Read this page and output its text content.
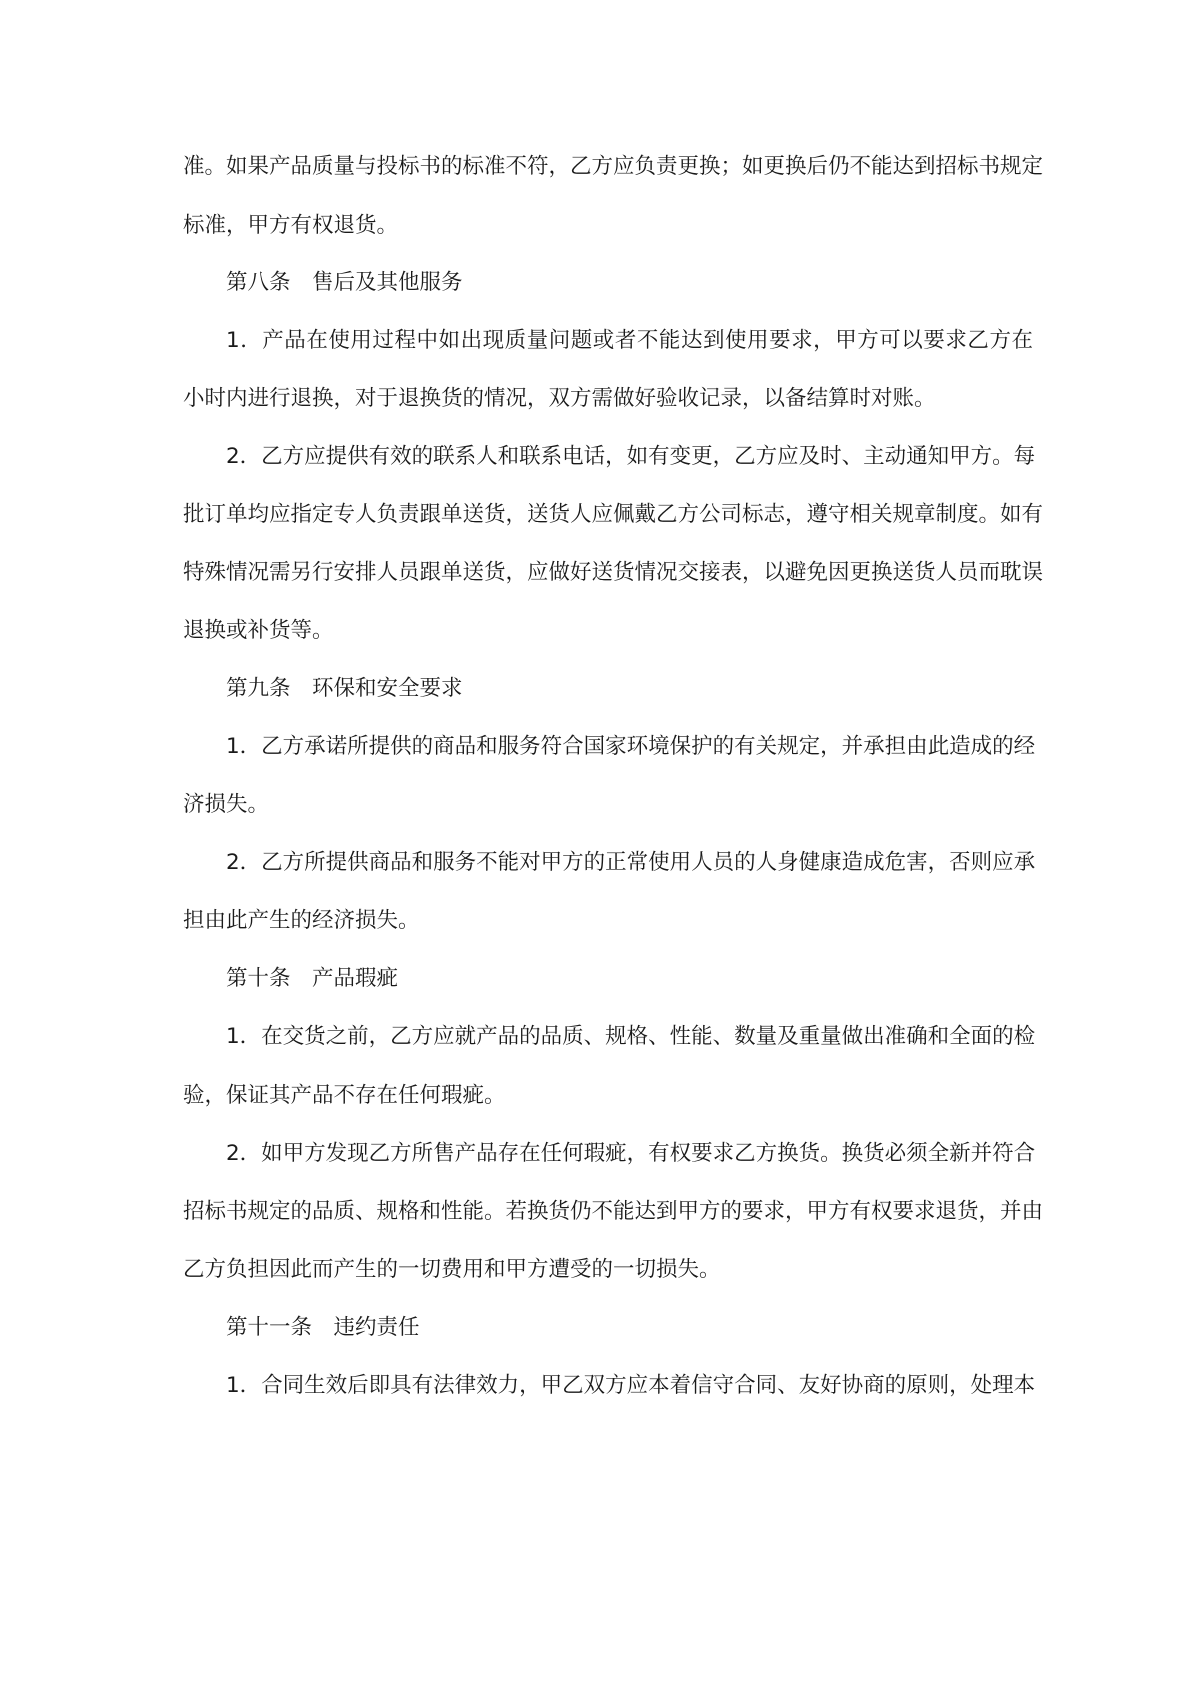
准。如果产品质量与投标书的标准不符，乙方应负责更换；如更换后仍不能达到招标书规定
标准，甲方有权退货。
第八条　售后及其他服务
1．产品在使用过程中如出现质量问题或者不能达到使用要求，甲方可以要求乙方在
小时内进行退换，对于退换货的情况，双方需做好验收记录，以备结算时对账。
2．乙方应提供有效的联系人和联系电话，如有变更，乙方应及时、主动通知甲方。每
批订单均应指定专人负责跟单送货，送货人应佩戴乙方公司标志，遵守相关规章制度。如有
特殊情况需另行安排人员跟单送货，应做好送货情况交接表，以避免因更换送货人员而耽误
退换或补货等。
第九条　环保和安全要求
1．乙方承诺所提供的商品和服务符合国家环境保护的有关规定，并承担由此造成的经
济损失。
2．乙方所提供商品和服务不能对甲方的正常使用人员的人身健康造成危害，否则应承
担由此产生的经济损失。
第十条　产品瑕疵
1．在交货之前，乙方应就产品的品质、规格、性能、数量及重量做出准确和全面的检
验，保证其产品不存在任何瑕疵。
2．如甲方发现乙方所售产品存在任何瑕疵，有权要求乙方换货。换货必须全新并符合
招标书规定的品质、规格和性能。若换货仍不能达到甲方的要求，甲方有权要求退货，并由
乙方负担因此而产生的一切费用和甲方遭受的一切损失。
第十一条　违约责任
1．合同生效后即具有法律效力，甲乙双方应本着信守合同、友好协商的原则，处理本
